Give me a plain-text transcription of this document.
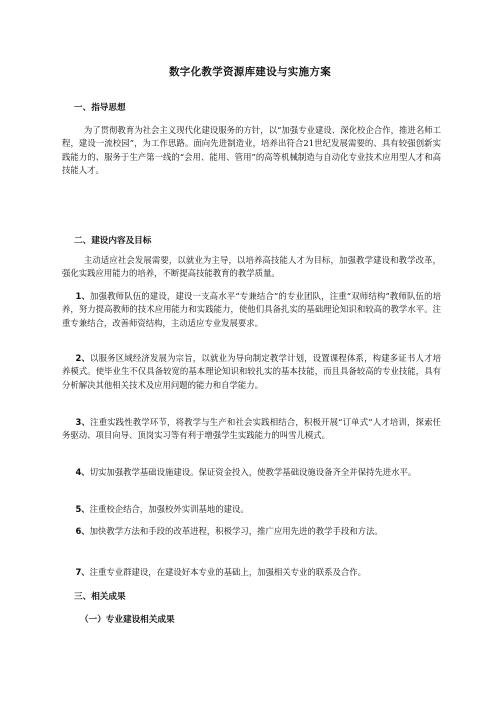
数字化教学资源库建设与实施方案
一、指导思想
为了贯彻教育为社会主义现代化建设服务的方针，以“加强专业建设、深化校企合作，推进名师工程，建设一流校园”，为工作思路。面向先进制造业，培养出符合21世纪发展需要的、具有较强创新实践能力的、服务于生产第一线的“会用、能用、管用”的高等机械制造与自动化专业技术应用型人才和高技能人才。
二、建设内容及目标
主动适应社会发展需要，以就业为主导，以培养高技能人才为目标，加强教学建设和教学改革，强化实践应用能力的培养，不断提高技能教育的教学质量。
1、加强教师队伍的建设，建设一支高水平“专兼结合”的专业团队，注重“双师结构”教师队伍的培养，努力提高教师的技术应用能力和实践能力，使他们具备扎实的基础理论知识和较高的教学水平。注重专兼结合，改善师资结构，主动适应专业发展要求。
2、以服务区域经济发展为宗旨，以就业为导向制定教学计划，设置课程体系，构建多证书人才培养模式。使毕业生不仅具备较宽的基本理论知识和较扎实的基本技能，而且具备较高的专业技能，具有分析解决其他相关技术及应用问题的能力和自学能力。
3、注重实践性教学环节，将教学与生产和社会实践相结合，积极开展“订单式”人才培训，探索任务驱动、项目向导、顶岗实习等有利于增强学生实践能力的叫雪儿模式。
4、切实加强教学基础设施建设。保证资金投入，使教学基础设施设备齐全并保持先进水平。
5、注重校企结合，加强校外实训基地的建设。
6、加快教学方法和手段的改革进程，积极学习，推广应用先进的教学手段和方法。
7、注重专业群建设，在建设好本专业的基础上，加强相关专业的联系及合作。
三、相关成果
（一）专业建设相关成果
